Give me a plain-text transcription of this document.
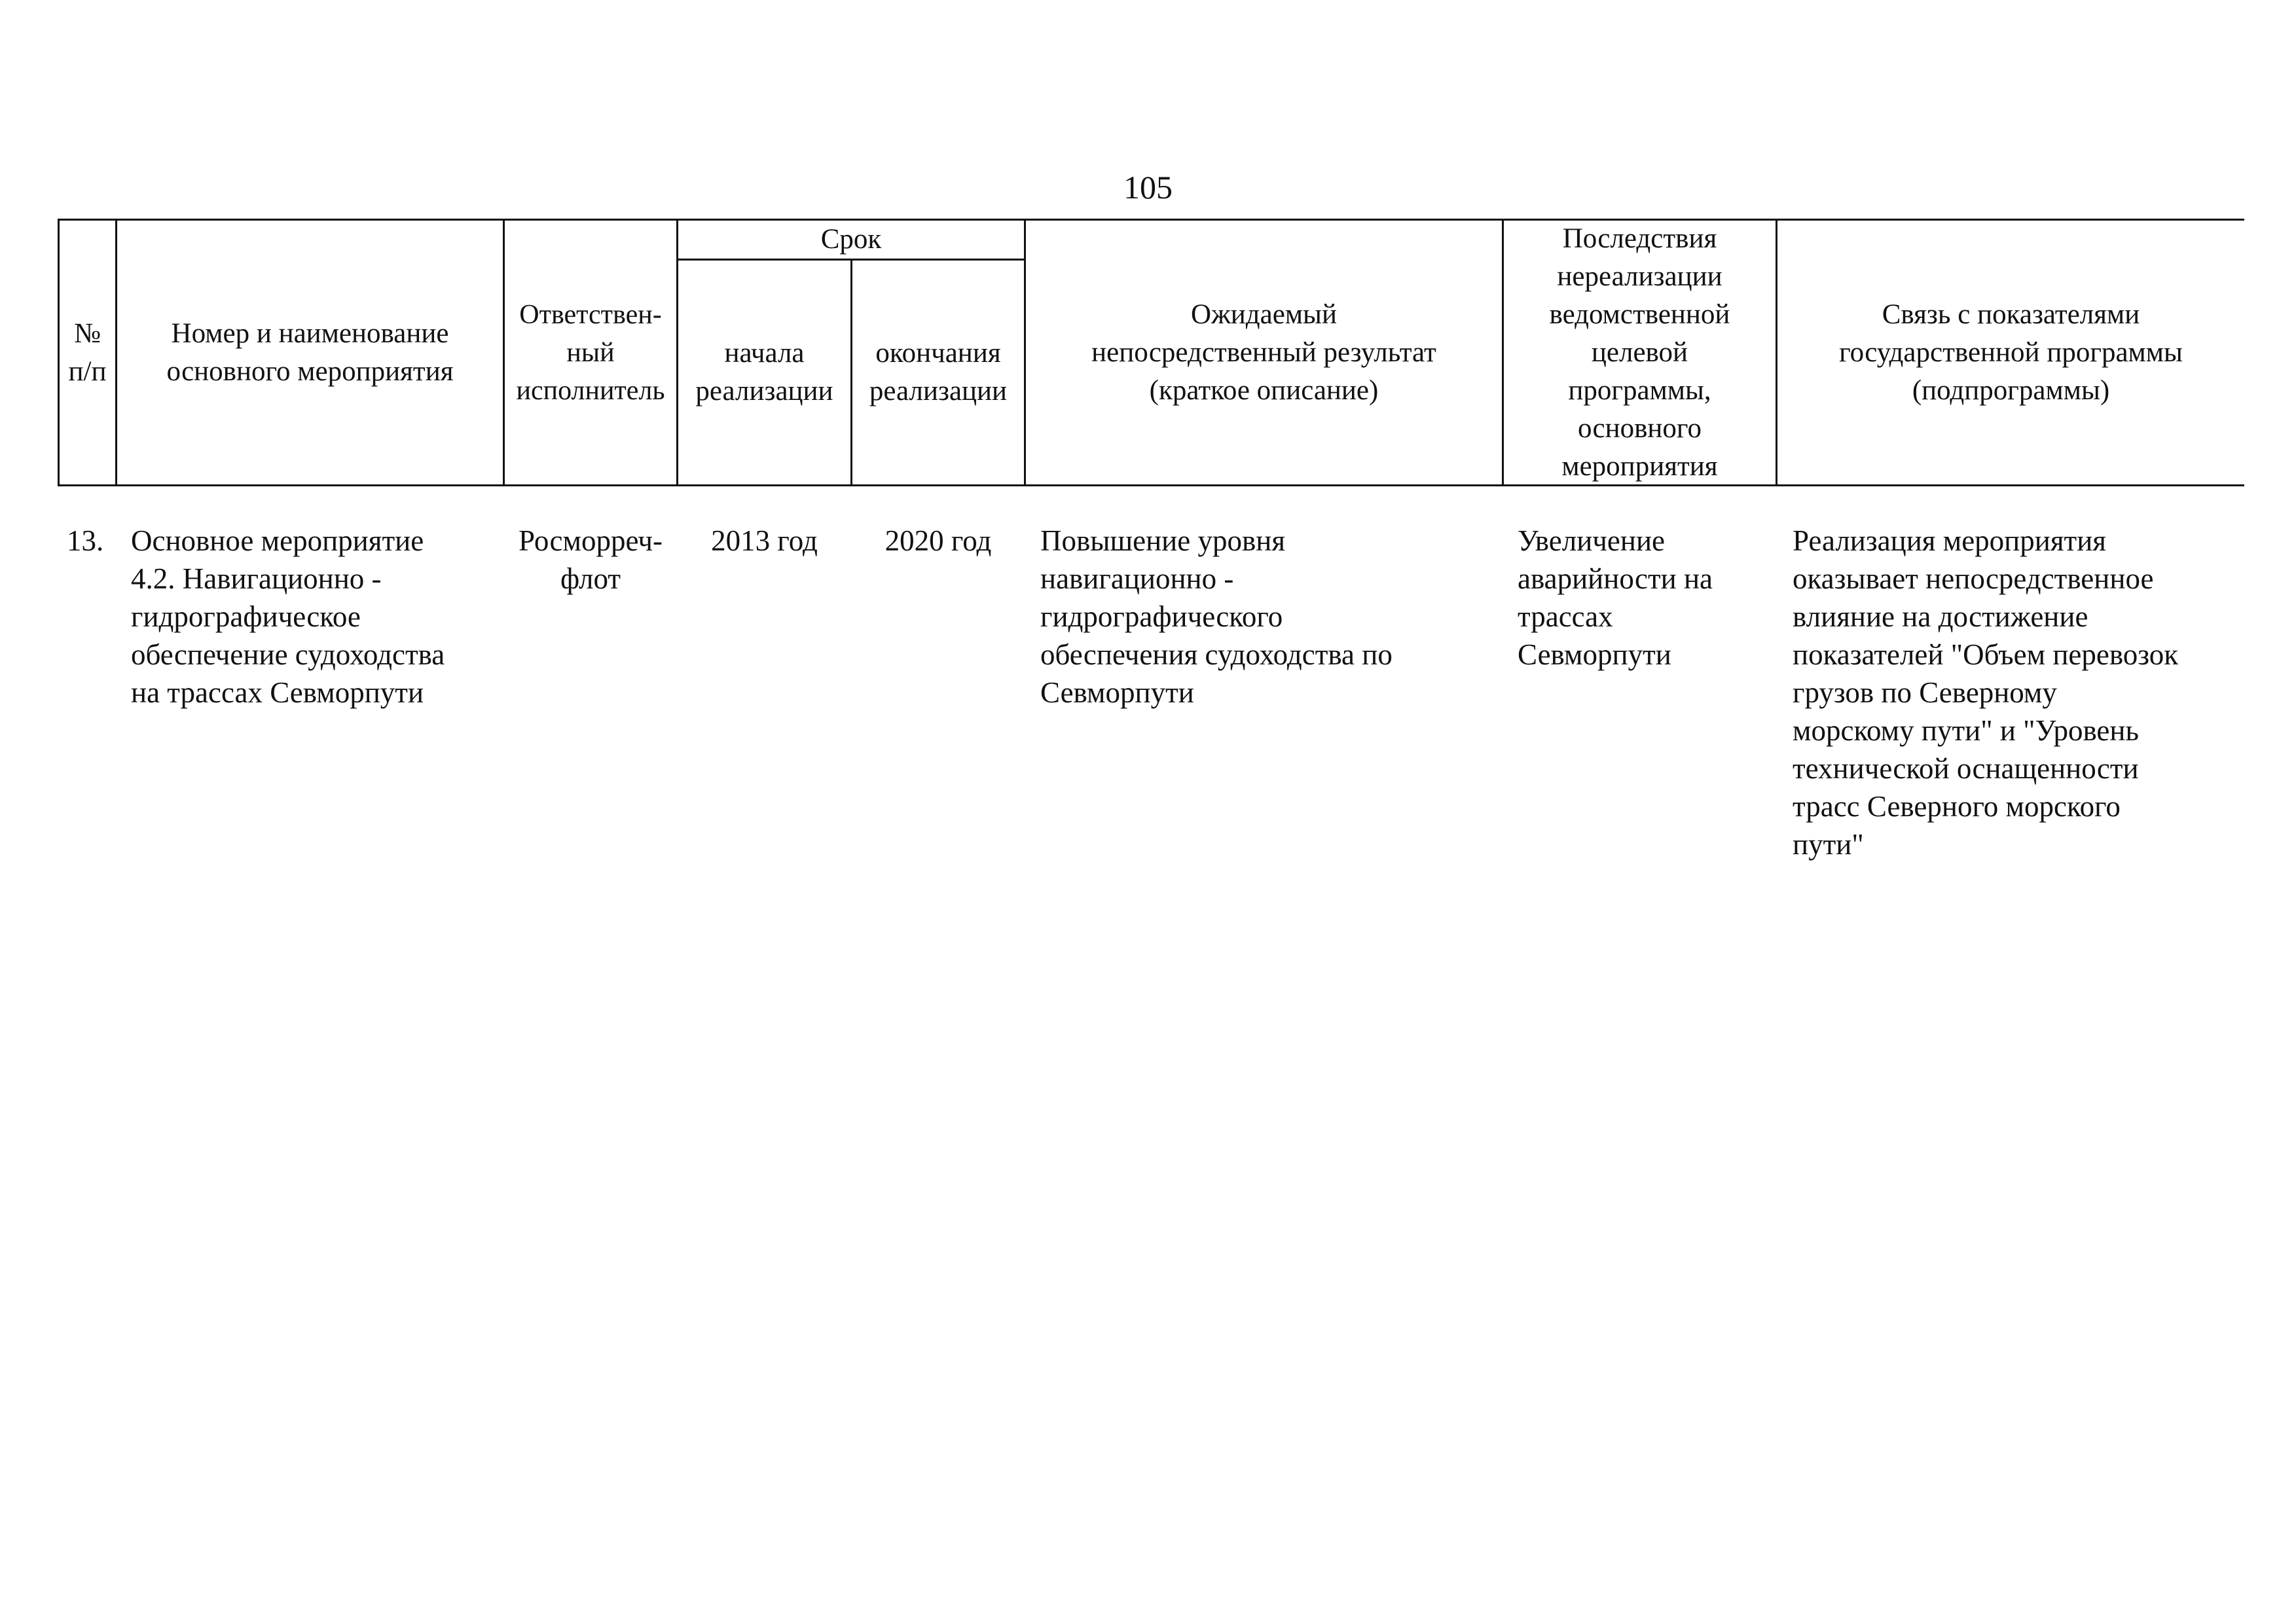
105
№
п/п
Номер и наименование
основного мероприятия
Ответствен-
ный
исполнитель
Срок
начала
реализации
окончания
реализации
Ожидаемый
непосредственный результат
(краткое описание)
Последствия
нереализации
ведомственной
целевой
программы,
основного
мероприятия
Связь с показателями
государственной программы
(подпрограммы)
13. Основное мероприятие
4.2. Навигационно -
гидрографическое
обеспечение судоходства
на трассах Севморпути
Росморреч-
флот
2013 год	2020 год	Повышение уровня
навигационно -
гидрографического
обеспечения судоходства по
Севморпути
Увеличение
аварийности на
трассах
Севморпути
Реализация мероприятия
оказывает непосредственное
влияние на достижение
показателей "Объем перевозок
грузов по Северному
морскому пути" и "Уровень
технической оснащенности
трасс Северного морского
пути"
